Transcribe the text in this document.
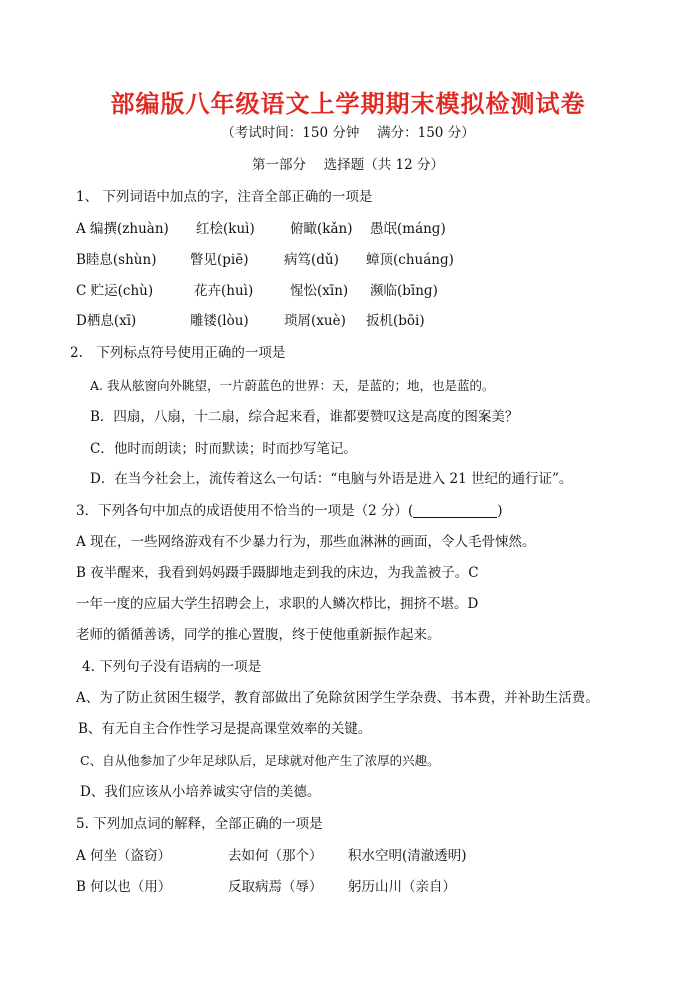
部编版八年级语文上学期期末模拟检测试卷
（考试时间：150 分钟　 满分：150 分）
第一部分　 选择题（共 12 分）
1、 下列词语中加点的字，注音全部正确的一项是
A 编撰(zhuàn) 红桧(kuì)	俯瞰(kǎn) 愚氓(mánɡ)
B睦息(shùn) 瞥见(piē)	病笃(dǔ) 蟑顶(chuánɡ)
C 贮运(chù)	花卉(huì)	惺忪(xīn) 濒临(bīnɡ)
D栖息(xī)	雕镂(lòu)	琐屑(xuè) 扳机(bōi)
2.　下列标点符号使用正确的一项是
A. 我从舷窗向外眺望，一片蔚蓝色的世界：天，是蓝的；地，也是蓝的。
B．四扇，八扇，十二扇，综合起来看，谁都要赞叹这是高度的图案美？
C．他时而朗读；时而默读；时而抄写笔记。
D．在当今社会上，流传着这么一句话：“电脑与外语是进入 21 世纪的通行证”。
3．下列各句中加点的成语使用不恰当的一项是（2 分）(	)
A 现在，一些网络游戏有不少暴力行为，那些血淋淋的画面，令人毛骨悚然。
B 夜半醒来，我看到妈妈蹑手蹑脚地走到我的床边，为我盖被子。C
一年一度的应届大学生招聘会上，求职的人鳞次栉比，拥挤不堪。D
老师的循循善诱，同学的推心置腹，终于使他重新振作起来。
4. 下列句子没有语病的一项是
A、为了防止贫困生辍学，教育部做出了免除贫困学生学杂费、书本费，并补助生活费。
B、有无自主合作性学习是提高课堂效率的关键。
C、自从他参加了少年足球队后，足球就对他产生了浓厚的兴趣。
D、我们应该从小培养诚实守信的美德。
5. 下列加点词的解释，全部正确的一项是
A 何坐（盗窃）	去如何（那个） 积水空明(清澈透明)
B 何以也（用）	反取病焉（辱） 躬历山川（亲自）
